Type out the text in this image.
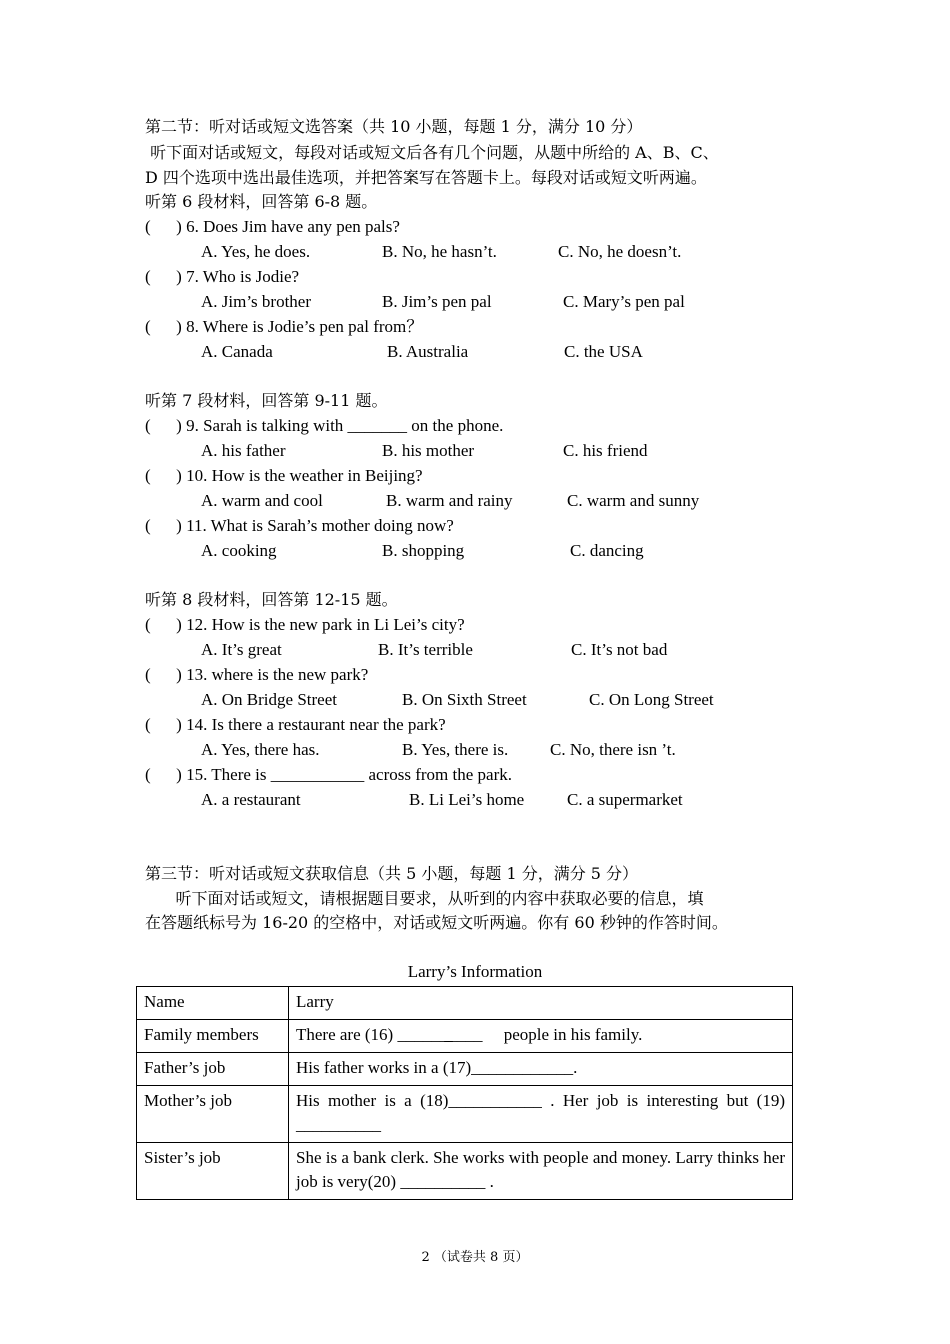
第二节：听对话或短文选答案（共 10 小题，每题 1 分，满分 10 分）
听下面对话或短文，每段对话或短文后各有几个问题，从题中所给的 A、B、C、
D 四个选项中选出最佳选项，并把答案写在答题卡上。每段对话或短文听两遍。
听第 6 段材料，回答第 6-8 题。
(      ) 6. Does Jim have any pen pals?
A. Yes, he does.	B. No, he hasn’t.	C. No, he doesn’t.
(      ) 7. Who is Jodie?
A. Jim’s brother	B. Jim’s pen pal	C. Mary’s pen pal
(      ) 8. Where is Jodie’s pen pal from？
A. Canada	B. Australia	C. the USA
听第 7 段材料，回答第 9-11 题。
(      ) 9. Sarah is talking with _______ on the phone.
A. his father	B. his mother	C. his friend
(      ) 10. How is the weather in Beijing?
A. warm and cool	B. warm and rainy	C. warm and sunny
(      ) 11. What is Sarah’s mother doing now?
A. cooking	B. shopping	C. dancing
听第 8 段材料，回答第 12-15 题。
(      ) 12. How is the new park in Li Lei’s city?
A. It’s great	B. It’s terrible	C. It’s not bad
(      ) 13. where is the new park?
A. On Bridge Street	B. On Sixth Street	C. On Long Street
(      ) 14. Is there a restaurant near the park?
A. Yes, there has.	B. Yes, there is. C. No, there isn ’t.
(      ) 15. There is ___________ across from the park.
A. a restaurant	B. Li Lei’s home	C. a supermarket
第三节：听对话或短文获取信息（共 5 小题，每题 1 分，满分 5 分）
听下面对话或短文，请根据题目要求，从听到的内容中获取必要的信息，填
在答题纸标号为 16-20 的空格中，对话或短文听两遍。你有 60 秒钟的作答时间。
Larry’s Information
Name	Larry
Family members	There are (16) ______̲̲____     people in his family.
Father’s job	His father works in a (17)____________.
Mother’s job	His mother is a (18)___________ . Her job is interesting but (19) __________
Sister’s job	She is a bank clerk. She works with people and money. Larry thinks her job is very(20) __________ .
2 （试卷共 8 页）
